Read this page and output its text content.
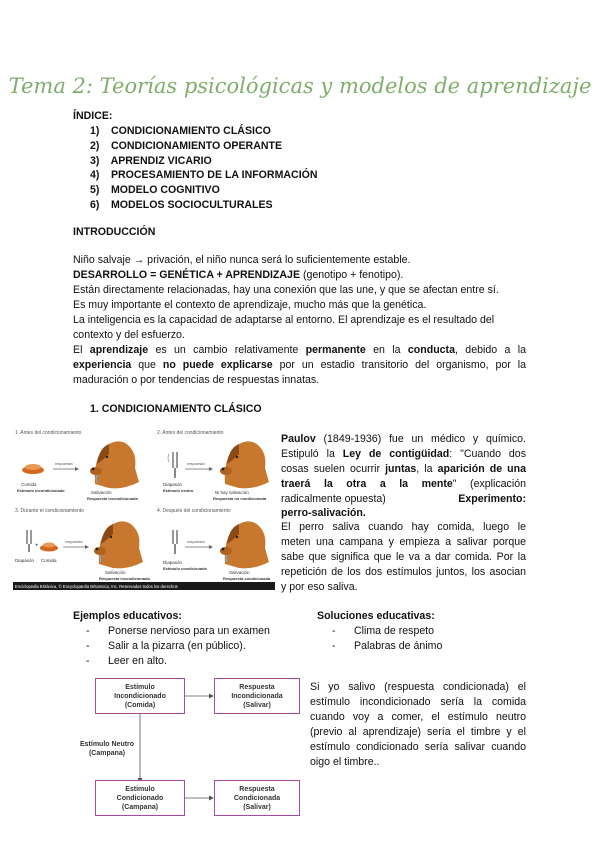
Tema 2: Teorías psicológicas y modelos de aprendizaje
ÍNDICE:
1) CONDICIONAMIENTO CLÁSICO
2) CONDICIONAMIENTO OPERANTE
3) APRENDIZ VICARIO
4) PROCESAMIENTO DE LA INFORMACIÓN
5) MODELO COGNITIVO
6) MODELOS SOCIOCULTURALES
INTRODUCCIÓN
Niño salvaje → privación, el niño nunca será lo suficientemente estable.
DESARROLLO = GENÉTICA + APRENDIZAJE (genotipo + fenotipo).
Están directamente relacionadas, hay una conexión que las une, y que se afectan entre sí.
Es muy importante el contexto de aprendizaje, mucho más que la genética.
La inteligencia es la capacidad de adaptarse al entorno. El aprendizaje es el resultado del
contexto y del esfuerzo.
El aprendizaje es un cambio relativamente permanente en la conducta, debido a la
experiencia que no puede explicarse por un estadio transitorio del organismo, por la
maduración o por tendencias de respuestas innatas.
1. CONDICIONAMIENTO CLÁSICO
1. Antes del condicionamiento	2. Antes del condicionamiento
3. Durante el condicionamiento	4. Después del condicionamiento
respuesta
Comida
Estímulo incondicionado	Salivación
Respuesta incondicionada
respuesta
Diapasón
Estímulo neutro	Ni hay salivación
Respuesta no condicionada
+
respuesta
Diapasón Comida
Salivación
Respuesta incondicionada
respuesta
Diapasón
Estímulo condicionado
Salivación
Respuesta condicionada
Enciclopedia Británica, © Encyclopædia Britannica, Inc. Reservados todos los derechos
Paulov (1849-1936) fue un médico y químico.
Estipuló la Ley de contigüidad: "Cuando dos
cosas suelen ocurrir juntas, la aparición de una
traerá la otra a la mente" (explicación
radicalmente opuesta)	Experimento:
perro-salivación.
El perro saliva cuando hay comida, luego le
meten una campana y empieza a salivar porque
sabe que significa que le va a dar comida. Por la
repetición de los dos estímulos juntos, los asocian
y por eso saliva.
Ejemplos educativos:
- Ponerse nervioso para un examen
- Salir a la pizarra (en público).
- Leer en alto.
Soluciones educativas:
- Clima de respeto
- Palabras de ánimo
Estímulo
Incondicionado
(Comida)
Respuesta
Incondicionada
(Salivar)
Estímulo Neutro
(Campana)
Estímulo
Condicionado
(Campana)
Respuesta
Condicionada
(Salivar)
Si yo salivo (respuesta condicionada) el
estímulo incondicionado sería la comida
cuando voy a comer, el estímulo neutro
(previo al aprendizaje) sería el timbre y el
estímulo condicionado sería salivar cuando
oigo el timbre..
